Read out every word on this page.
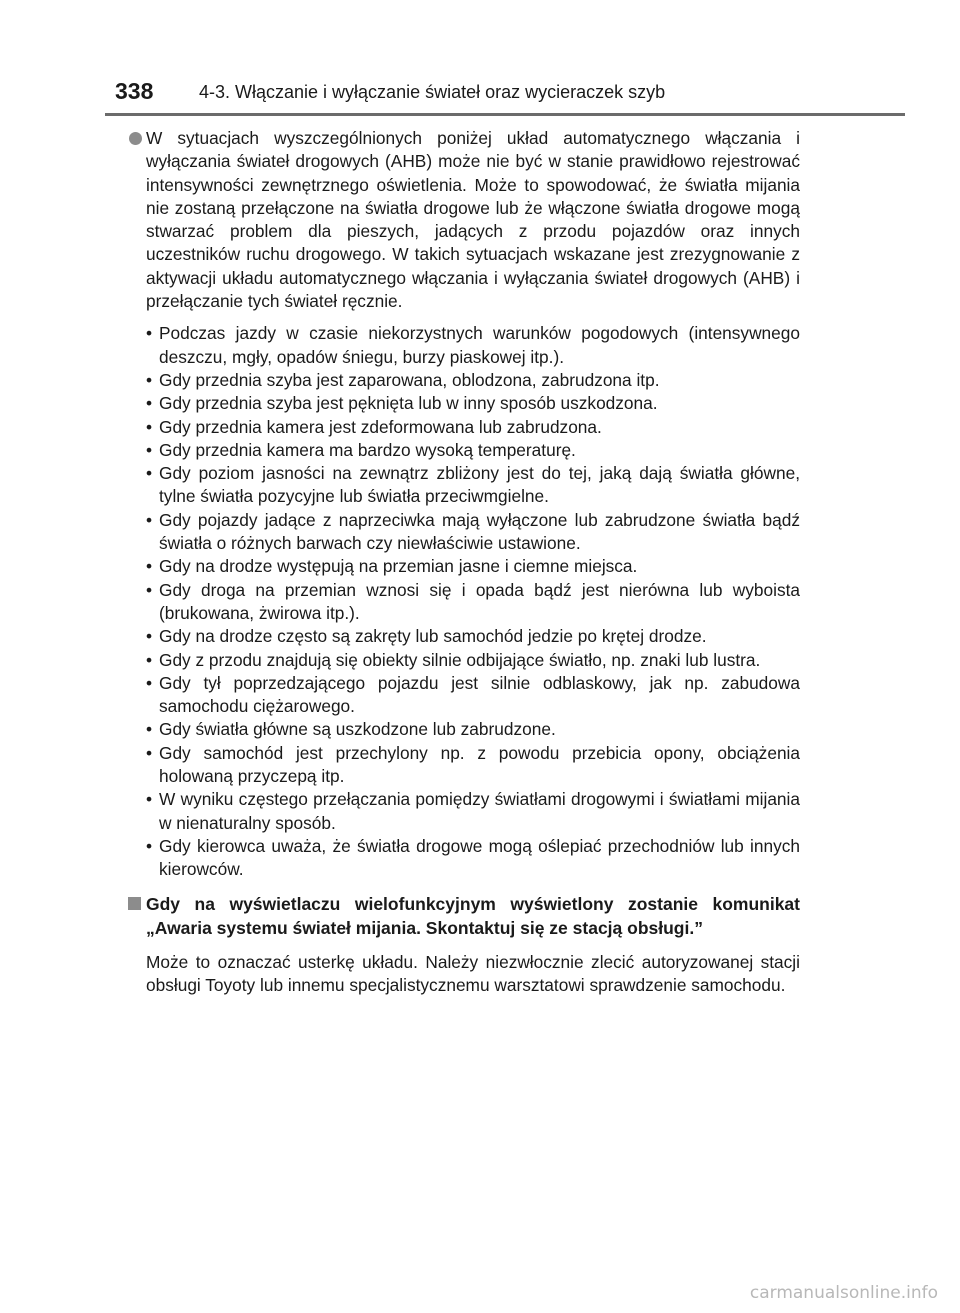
338	4-3. Włączanie i wyłączanie świateł oraz wycieraczek szyb
W sytuacjach wyszczególnionych poniżej układ automatycznego włączania i wyłączania świateł drogowych (AHB) może nie być w stanie prawidłowo rejestrować intensywności zewnętrznego oświetlenia. Może to spowodować, że światła mijania nie zostaną przełączone na światła drogowe lub że włączone światła drogowe mogą stwarzać problem dla pieszych, jadących z przodu pojazdów oraz innych uczestników ruchu drogowego. W takich sytuacjach wskazane jest zrezygnowanie z aktywacji układu automatycznego włączania i wyłączania świateł drogowych (AHB) i przełączanie tych świateł ręcznie.
• Podczas jazdy w czasie niekorzystnych warunków pogodowych (intensywnego deszczu, mgły, opadów śniegu, burzy piaskowej itp.).
• Gdy przednia szyba jest zaparowana, oblodzona, zabrudzona itp.
• Gdy przednia szyba jest pęknięta lub w inny sposób uszkodzona.
• Gdy przednia kamera jest zdeformowana lub zabrudzona.
• Gdy przednia kamera ma bardzo wysoką temperaturę.
• Gdy poziom jasności na zewnątrz zbliżony jest do tej, jaką dają światła główne, tylne światła pozycyjne lub światła przeciwmgielne.
• Gdy pojazdy jadące z naprzeciwka mają wyłączone lub zabrudzone światła bądź światła o różnych barwach czy niewłaściwie ustawione.
• Gdy na drodze występują na przemian jasne i ciemne miejsca.
• Gdy droga na przemian wznosi się i opada bądź jest nierówna lub wyboista (brukowana, żwirowa itp.).
• Gdy na drodze często są zakręty lub samochód jedzie po krętej drodze.
• Gdy z przodu znajdują się obiekty silnie odbijające światło, np. znaki lub lustra.
• Gdy tył poprzedzającego pojazdu jest silnie odblaskowy, jak np. zabudowa samochodu ciężarowego.
• Gdy światła główne są uszkodzone lub zabrudzone.
• Gdy samochód jest przechylony np. z powodu przebicia opony, obciążenia holowaną przyczepą itp.
• W wyniku częstego przełączania pomiędzy światłami drogowymi i światłami mijania w nienaturalny sposób.
• Gdy kierowca uważa, że światła drogowe mogą oślepiać przechodniów lub innych kierowców.
Gdy na wyświetlaczu wielofunkcyjnym wyświetlony zostanie komunikat „Awaria systemu świateł mijania. Skontaktuj się ze stacją obsługi.”
Może to oznaczać usterkę układu. Należy niezwłocznie zlecić autoryzowanej stacji obsługi Toyoty lub innemu specjalistycznemu warsztatowi sprawdzenie samochodu.
carmanualsonline.info
